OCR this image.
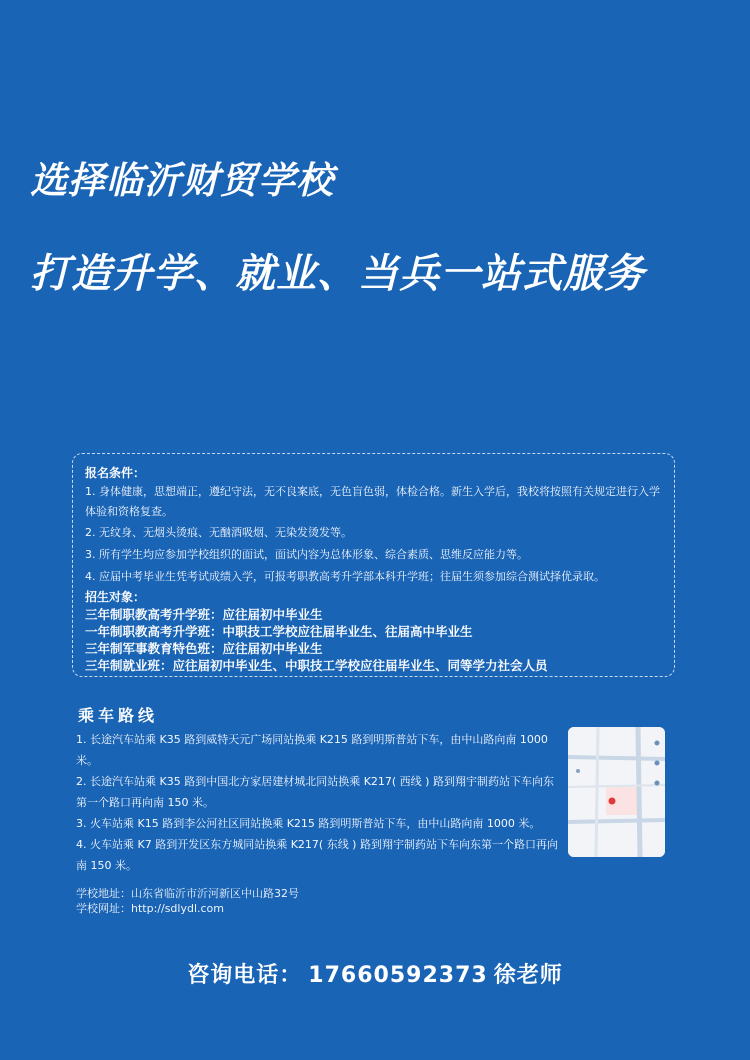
选择临沂财贸学校
打造升学、就业、当兵一站式服务
报名条件：
1. 身体健康，思想端正，遵纪守法，无不良案底，无色盲色弱，体检合格。新生入学后，我校将按照有关规定进行入学体验和资格复查。
2. 无纹身、无烟头烫痕、无酗酒吸烟、无染发烫发等。
3. 所有学生均应参加学校组织的面试，面试内容为总体形象、综合素质、思维反应能力等。
4. 应届中考毕业生凭考试成绩入学，可报考职教高考升学部本科升学班；往届生须参加综合测试择优录取。
招生对象：
三年制职教高考升学班：应往届初中毕业生
一年制职教高考升学班：中职技工学校应往届毕业生、往届高中毕业生
三年制军事教育特色班：应往届初中毕业生
三年制就业班：应往届初中毕业生、中职技工学校应往届毕业生、同等学力社会人员
乘车路线
1. 长途汽车站乘 K35 路到威特天元广场同站换乘 K215 路到明斯普站下车，由中山路向南 1000 米。
2. 长途汽车站乘 K35 路到中国北方家居建材城北同站换乘 K217( 西线 ) 路到翔宇制药站下车向东第一个路口再向南 150 米。
3. 火车站乘 K15 路到李公河社区同站换乘 K215 路到明斯普站下车，由中山路向南 1000 米。
4. 火车站乘 K7 路到开发区东方城同站换乘 K217( 东线 ) 路到翔宇制药站下车向东第一个路口再向南 150 米。
学校地址：山东省临沂市沂河新区中山路32号
学校网址：http://sdlydl.com
咨询电话： 17660592373 徐老师
